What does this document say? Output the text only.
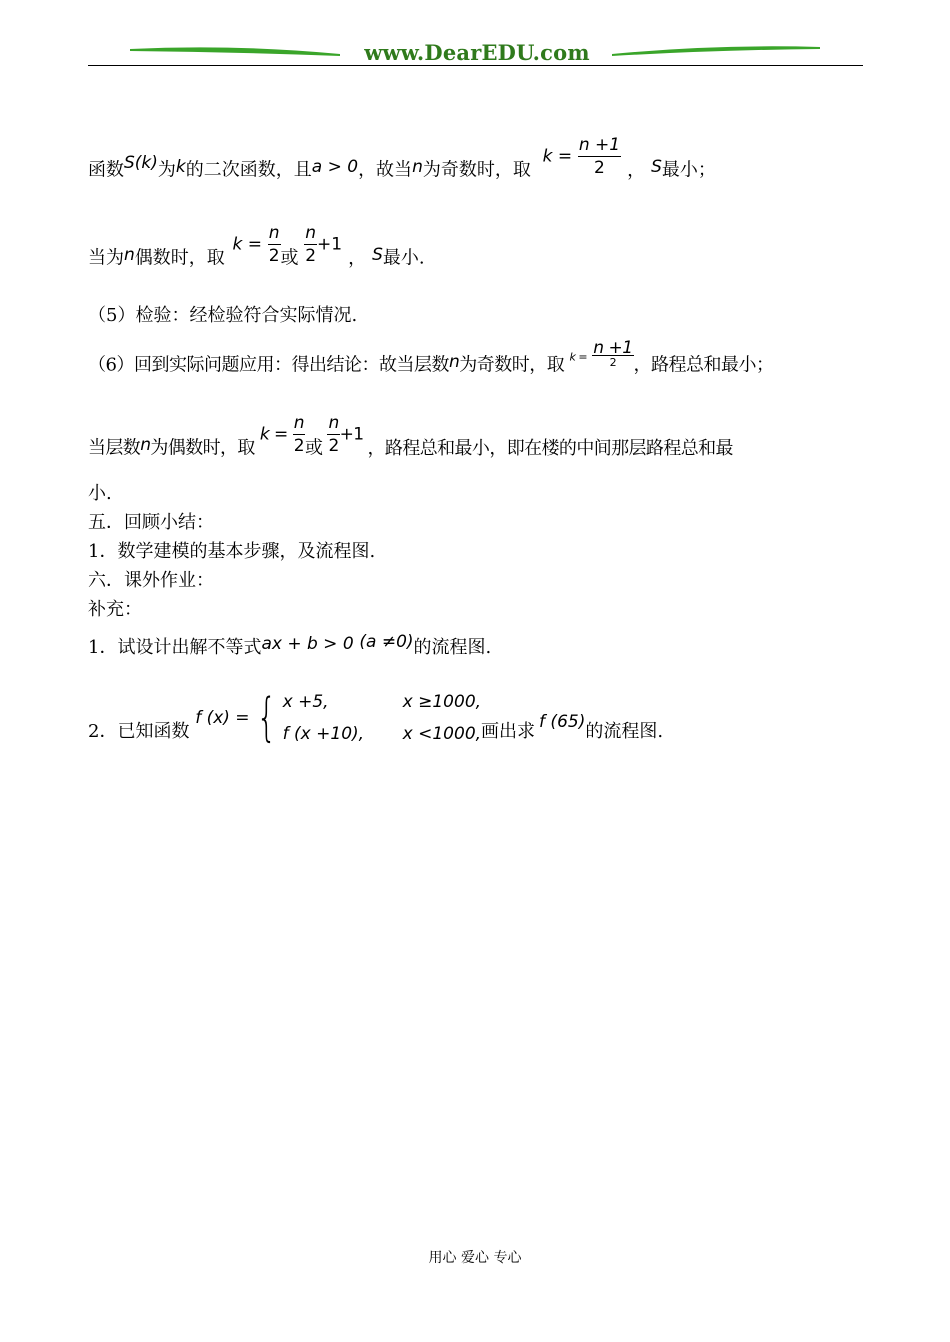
www.DearEDU.com
函数S(k)为k的二次函数，且a > 0，故当n为奇数时，取 $k = \frac{n +1}{2}$ ， S最小；
当为n偶数时，取 $k = \frac{n}{2}$ 或 $\frac{n}{2} +1$， S最小.
（5）检验：经检验符合实际情况.
（6）回到实际问题应用：得出结论：故当层数n为奇数时，取 $k = \frac{n +1}{2}$ ，路程总和最小；
当层数n为偶数时，取 $k = \frac{n}{2}$ 或 $\frac{n}{2} +1$，路程总和最小，即在楼的中间那层路程总和最
小.
五．回顾小结：
1．数学建模的基本步骤，及流程图.
六．课外作业：
补充：
1．试设计出解不等式ax + b > 0 (a ≠0)的流程图.
2．已知函数 f (x) = { x +5,	x ≥1000,
f (x +10), x <1000, 画出求 f (65)的流程图.
用心 爱心 专心
